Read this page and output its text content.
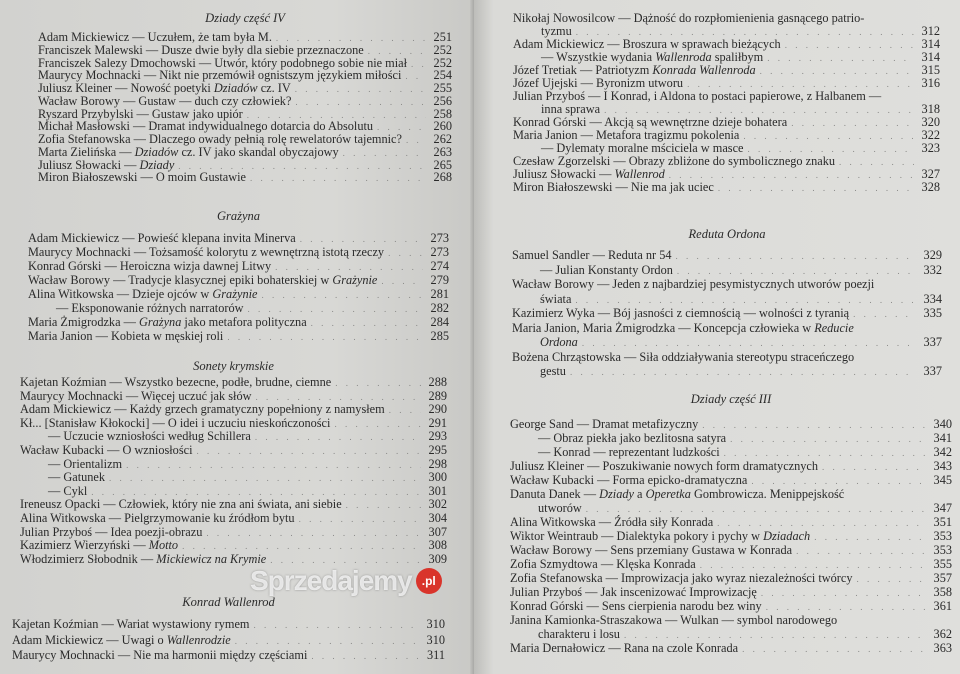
Dziady część IV
Adam Mickiewicz — Uczułem, że tam była M. . . .	251
Franciszek Malewski — Dusze dwie były dla siebie przeznaczone . . .	252
Franciszek Salezy Dmochowski — Utwór, który podobnego sobie nie miał . . . 252
Maurycy Mochnacki — Nikt nie przemówił ognistszym językiem miłości . . .	254
Juliusz Kleiner — Nowość poetyki Dziadów cz. IV . . .	255
Wacław Borowy — Gustaw — duch czy człowiek? . . .	256
Ryszard Przybylski — Gustaw jako upiór . . .	258
Michał Masłowski — Dramat indywidualnego dotarcia do Absolutu . . .	260
Zofia Stefanowska — Dlaczego owady pełnią rolę rewelatorów tajemnic? . . .	262
Marta Zielińska — Dziadów cz. IV jako skandal obyczajowy . . .	263
Juliusz Słowacki — Dziady . . .	265
Miron Białoszewski — O moim Gustawie . . .	268
Grażyna
Adam Mickiewicz — Powieść klepana invita Minerva . . .	273
Maurycy Mochnacki — Tożsamość kolorytu z wewnętrzną istotą rzeczy . . .	273
Konrad Górski — Heroiczna wizja dawnej Litwy . . .	274
Wacław Borowy — Tradycje klasycznej epiki bohaterskiej w Grażynie . . .	279
Alina Witkowska — Dzieje ojców w Grażynie . . .	281
— Eksponowanie różnych narratorów . . .	282
Maria Żmigrodzka — Grażyna jako metafora polityczna . . .	284
Maria Janion — Kobieta w męskiej roli . . .	285
Sonety krymskie
Kajetan Koźmian — Wszystko bezecne, podłe, brudne, ciemne . . .	288
Maurycy Mochnacki — Więcej uczuć jak słów . . .	289
Adam Mickiewicz — Każdy grzech gramatyczny popełniony z namysłem . . .	290
Kł... [Stanisław Kłokocki] — O idei i uczuciu nieskończoności . . .	291
— Uczucie wzniosłości według Schillera . . .	293
Wacław Kubacki — O wzniosłości . . .	295
— Orientalizm . . .	298
— Gatunek . . .	300
— Cykl . . .	301
Ireneusz Opacki — Człowiek, który nie zna ani świata, ani siebie . . .	302
Alina Witkowska — Pielgrzymowanie ku źródłom bytu . . .	304
Julian Przyboś — Idea poezji-obrazu . . .	307
Kazimierz Wierzyński — Motto . . .	308
Włodzimierz Słobodnik — Mickiewicz na Krymie . . .	309
Konrad Wallenrod
Kajetan Koźmian — Wariat wystawiony rymem . . .	310
Adam Mickiewicz — Uwagi o Wallenrodzie . . .	310
Maurycy Mochnacki — Nie ma harmonii między częściami . . .	311
Nikołaj Nowosilcow — Dążność do rozpłomienienia gasnącego patrio-
tyzmu . . .	312
Adam Mickiewicz — Broszura w sprawach bieżących . . .	314
— Wszystkie wydania Wallenroda spaliłbym . . .	314
Józef Tretiak — Patriotyzm Konrada Wallenroda . . .	315
Józef Ujejski — Byronizm utworu . . .	316
Julian Przyboś — I Konrad, i Aldona to postaci papierowe, z Halbanem —
inna sprawa . . .	318
Konrad Górski — Akcją są wewnętrzne dzieje bohatera . . .	320
Maria Janion — Metafora tragizmu pokolenia . . .	322
— Dylematy moralne mściciela w masce . . .	323
Czesław Zgorzelski — Obrazy zbliżone do symbolicznego znaku
. . .
Juliusz Słowacki — Wallenrod . . .	327
Miron Białoszewski — Nie ma jak uciec . . .	328
Reduta Ordona
Samuel Sandler — Reduta nr 54 . . .	329
— Julian Konstanty Ordon . . .	332
Wacław Borowy — Jeden z najbardziej pesymistycznych utworów poezji
świata . . .	334
Kazimierz Wyka — Bój jasności z ciemnością — wolności z tyranią . . .	335
Maria Janion, Maria Żmigrodzka — Koncepcja człowieka w Reducie
Ordona . . .	337
Bożena Chrząstowska — Siła oddziaływania stereotypu straceńczego
gestu . . .	337
Dziady część III
George Sand — Dramat metafizyczny . . .	340
— Obraz piekła jako bezlitosna satyra . . .	341
— Konrad — reprezentant ludzkości . . .	342
Juliusz Kleiner — Poszukiwanie nowych form dramatycznych . . .	343
Wacław Kubacki — Forma epicko-dramatyczna . . .	345
Danuta Danek — Dziady a Operetka Gombrowicza. Menippejskość
utworów . . .	347
Alina Witkowska — Źródła siły Konrada . . .	351
Wiktor Weintraub — Dialektyka pokory i pychy w Dziadach . . .	353
Wacław Borowy — Sens przemiany Gustawa w Konrada . . .	353
Zofia Szmydtowa — Klęska Konrada . . .	355
Zofia Stefanowska — Improwizacja jako wyraz niezależności twórcy . . .	357
Julian Przyboś — Jak inscenizować Improwizację . . .	358
Konrad Górski — Sens cierpienia narodu bez winy . . .	361
Janina Kamionka-Straszakowa — Wulkan — symbol narodowego
charakteru i losu . . .	362
Maria Dernałowicz — Rana na czole Konrada . . .	363
Sprzedajemy .pl
